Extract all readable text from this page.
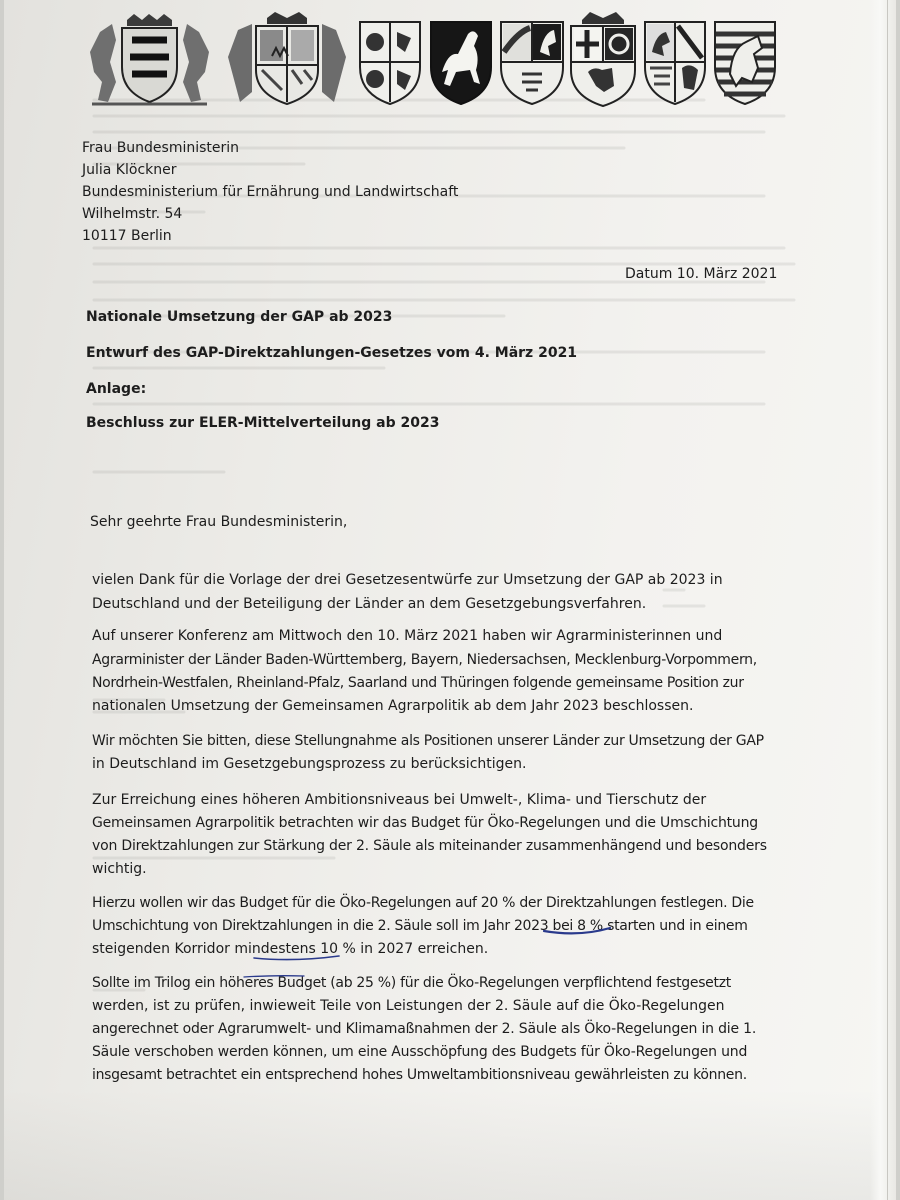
Frau Bundesministerin
Julia Klöckner
Bundesministerium für Ernährung und Landwirtschaft
Wilhelmstr. 54
10117 Berlin
Datum 10. März 2021
Nationale Umsetzung der GAP ab 2023
Entwurf des GAP-Direktzahlungen-Gesetzes vom 4. März 2021
Anlage:
Beschluss zur ELER-Mittelverteilung ab 2023
Sehr geehrte Frau Bundesministerin,
vielen Dank für die Vorlage der drei Gesetzesentwürfe zur Umsetzung der GAP ab 2023 in
Deutschland und der Beteiligung der Länder an dem Gesetzgebungsverfahren.
Auf unserer Konferenz am Mittwoch den 10. März 2021 haben wir Agrarministerinnen und
Agrarminister der Länder Baden-Württemberg, Bayern, Niedersachsen, Mecklenburg-Vorpommern,
Nordrhein-Westfalen, Rheinland-Pfalz, Saarland und Thüringen folgende gemeinsame Position zur
nationalen Umsetzung der Gemeinsamen Agrarpolitik ab dem Jahr 2023 beschlossen.
Wir möchten Sie bitten, diese Stellungnahme als Positionen unserer Länder zur Umsetzung der GAP
in Deutschland im Gesetzgebungsprozess zu berücksichtigen.
Zur Erreichung eines höheren Ambitionsniveaus bei Umwelt-, Klima- und Tierschutz der
Gemeinsamen Agrarpolitik betrachten wir das Budget für Öko-Regelungen und die Umschichtung
von Direktzahlungen zur Stärkung der 2. Säule als miteinander zusammenhängend und besonders
wichtig.
Hierzu wollen wir das Budget für die Öko-Regelungen auf 20 % der Direktzahlungen festlegen. Die
Umschichtung von Direktzahlungen in die 2. Säule soll im Jahr 2023 bei 8 % starten und in einem
steigenden Korridor mindestens 10 % in 2027 erreichen.
Sollte im Trilog ein höheres Budget (ab 25 %) für die Öko-Regelungen verpflichtend festgesetzt
werden, ist zu prüfen, inwieweit Teile von Leistungen der 2. Säule auf die Öko-Regelungen
angerechnet oder Agrarumwelt- und Klimamaßnahmen der 2. Säule als Öko-Regelungen in die 1.
Säule verschoben werden können, um eine Ausschöpfung des Budgets für Öko-Regelungen und
insgesamt betrachtet ein entsprechend hohes Umweltambitionsniveau gewährleisten zu können.
